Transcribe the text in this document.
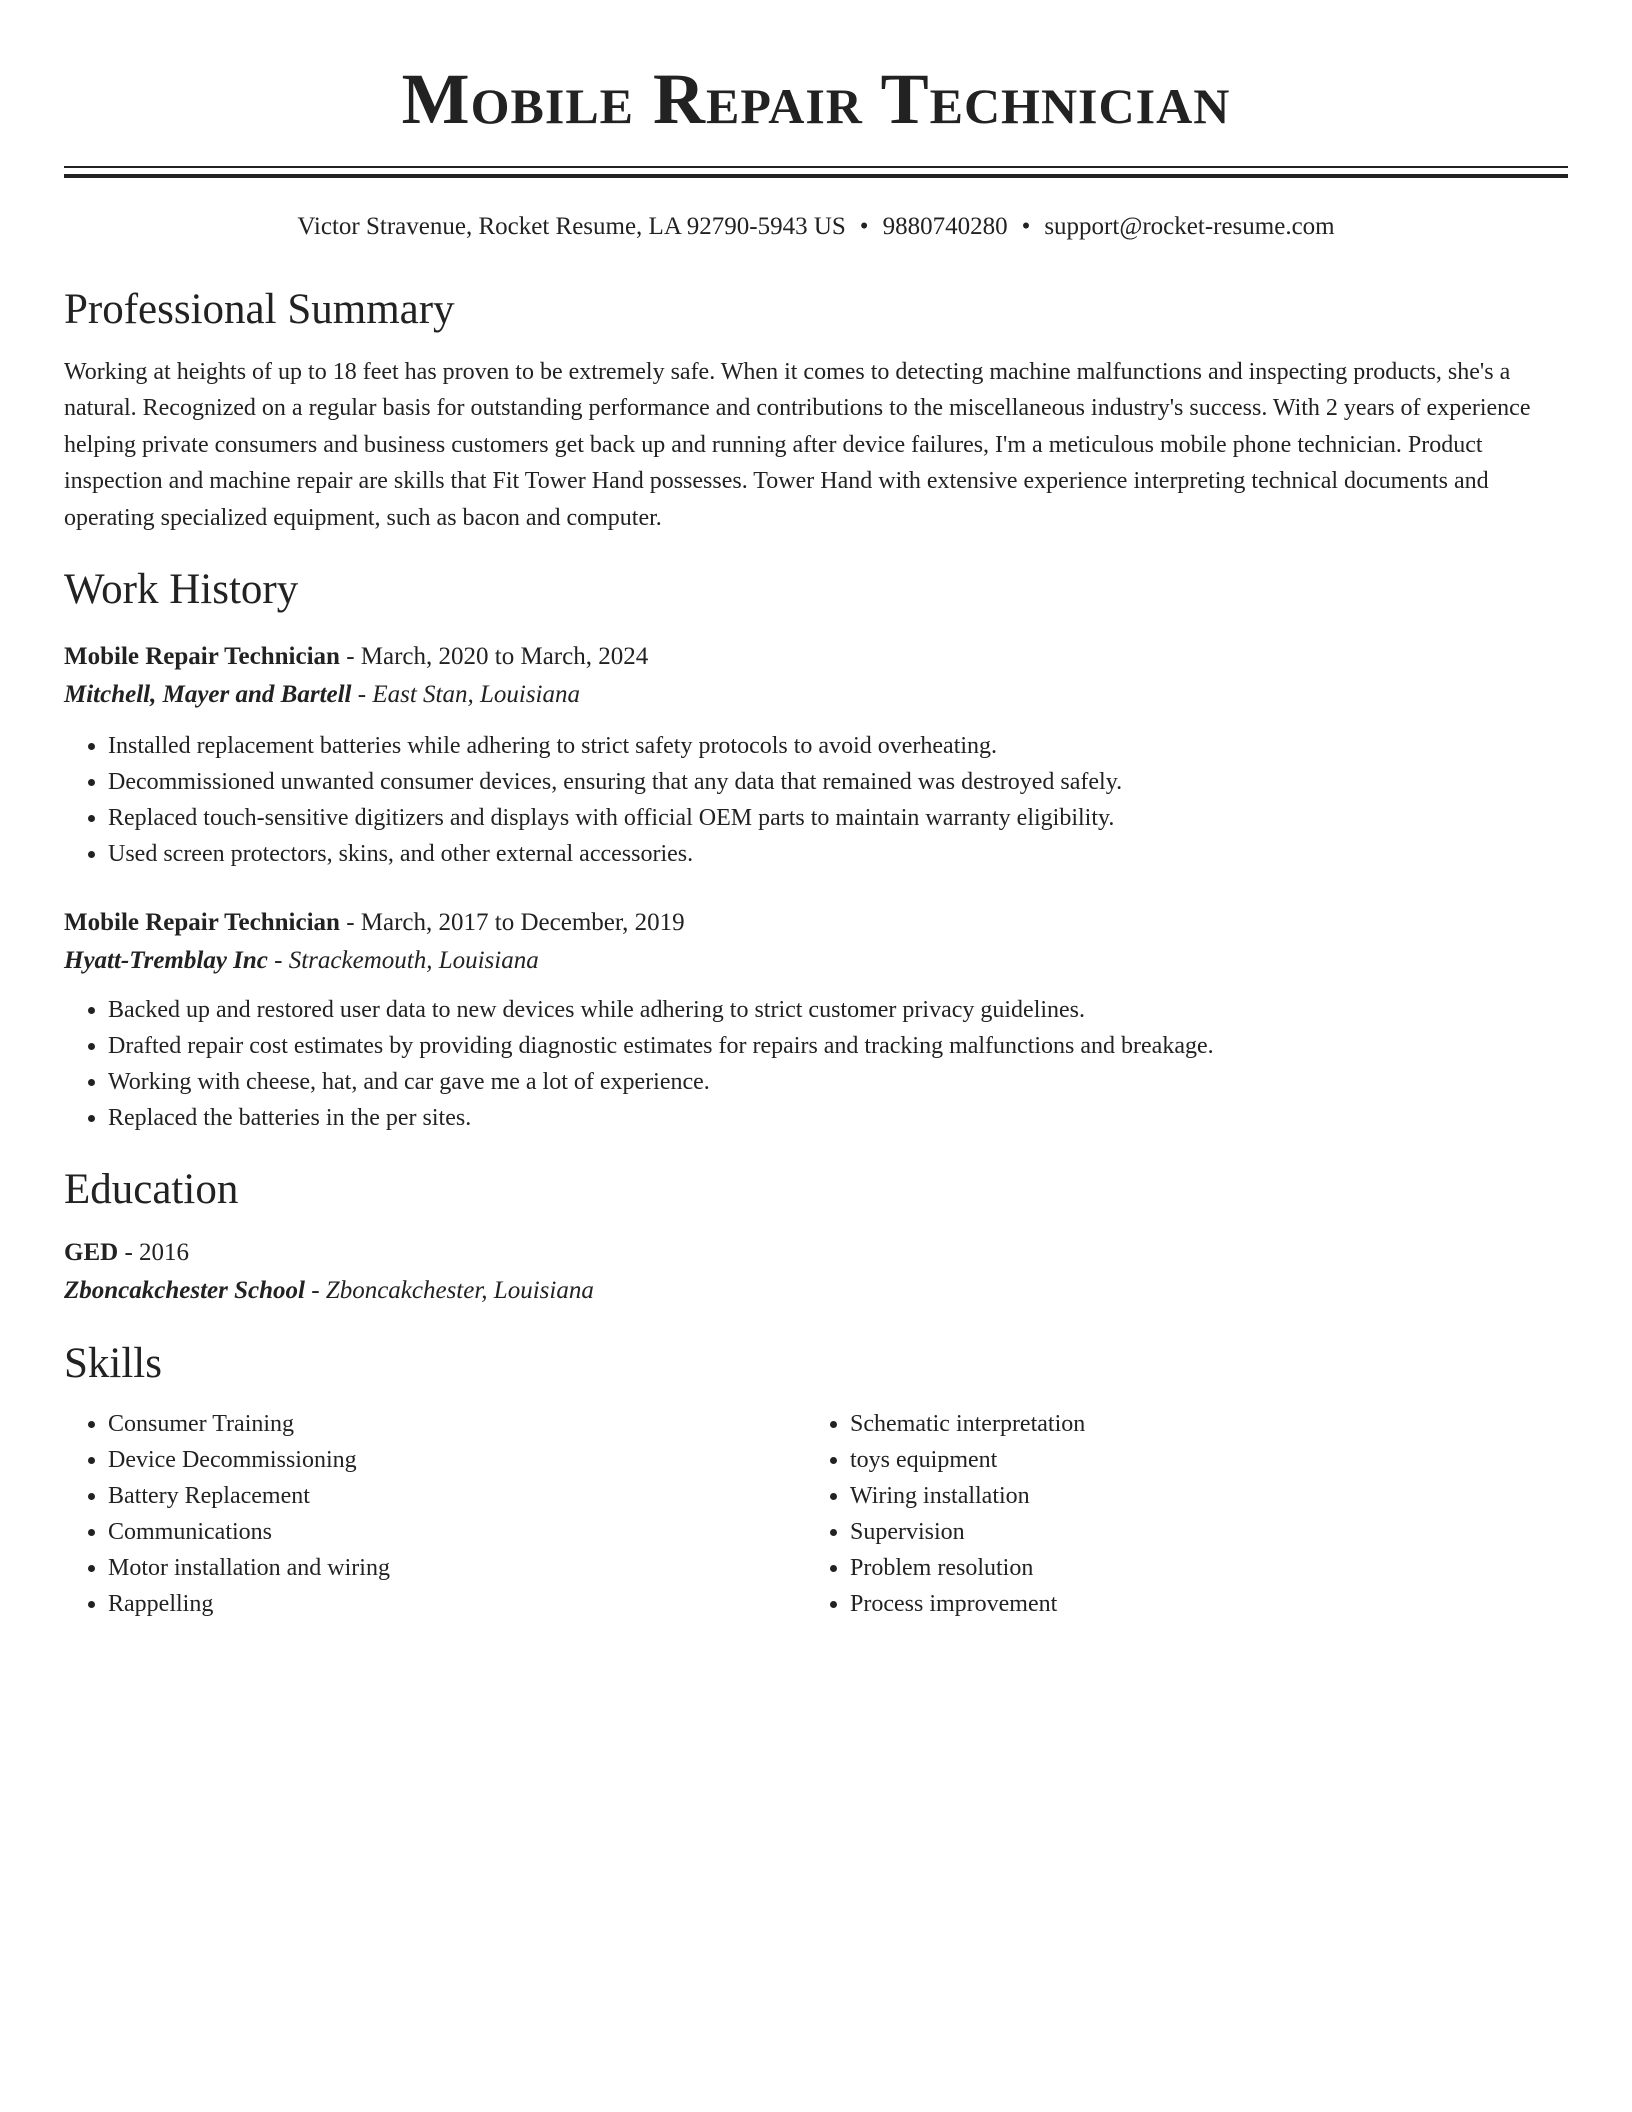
Mobile Repair Technician
Victor Stravenue, Rocket Resume, LA 92790-5943 US • 9880740280 • support@rocket-resume.com
Professional Summary
Working at heights of up to 18 feet has proven to be extremely safe. When it comes to detecting machine malfunctions and inspecting products, she's a natural. Recognized on a regular basis for outstanding performance and contributions to the miscellaneous industry's success. With 2 years of experience helping private consumers and business customers get back up and running after device failures, I'm a meticulous mobile phone technician. Product inspection and machine repair are skills that Fit Tower Hand possesses. Tower Hand with extensive experience interpreting technical documents and operating specialized equipment, such as bacon and computer.
Work History
Mobile Repair Technician - March, 2020 to March, 2024
Mitchell, Mayer and Bartell - East Stan, Louisiana
• Installed replacement batteries while adhering to strict safety protocols to avoid overheating.
• Decommissioned unwanted consumer devices, ensuring that any data that remained was destroyed safely.
• Replaced touch-sensitive digitizers and displays with official OEM parts to maintain warranty eligibility.
• Used screen protectors, skins, and other external accessories.
Mobile Repair Technician - March, 2017 to December, 2019
Hyatt-Tremblay Inc - Strackemouth, Louisiana
• Backed up and restored user data to new devices while adhering to strict customer privacy guidelines.
• Drafted repair cost estimates by providing diagnostic estimates for repairs and tracking malfunctions and breakage.
• Working with cheese, hat, and car gave me a lot of experience.
• Replaced the batteries in the per sites.
Education
GED - 2016
Zboncakchester School - Zboncakchester, Louisiana
Skills
• Consumer Training
• Device Decommissioning
• Battery Replacement
• Communications
• Motor installation and wiring
• Rappelling
• Schematic interpretation
• toys equipment
• Wiring installation
• Supervision
• Problem resolution
• Process improvement
